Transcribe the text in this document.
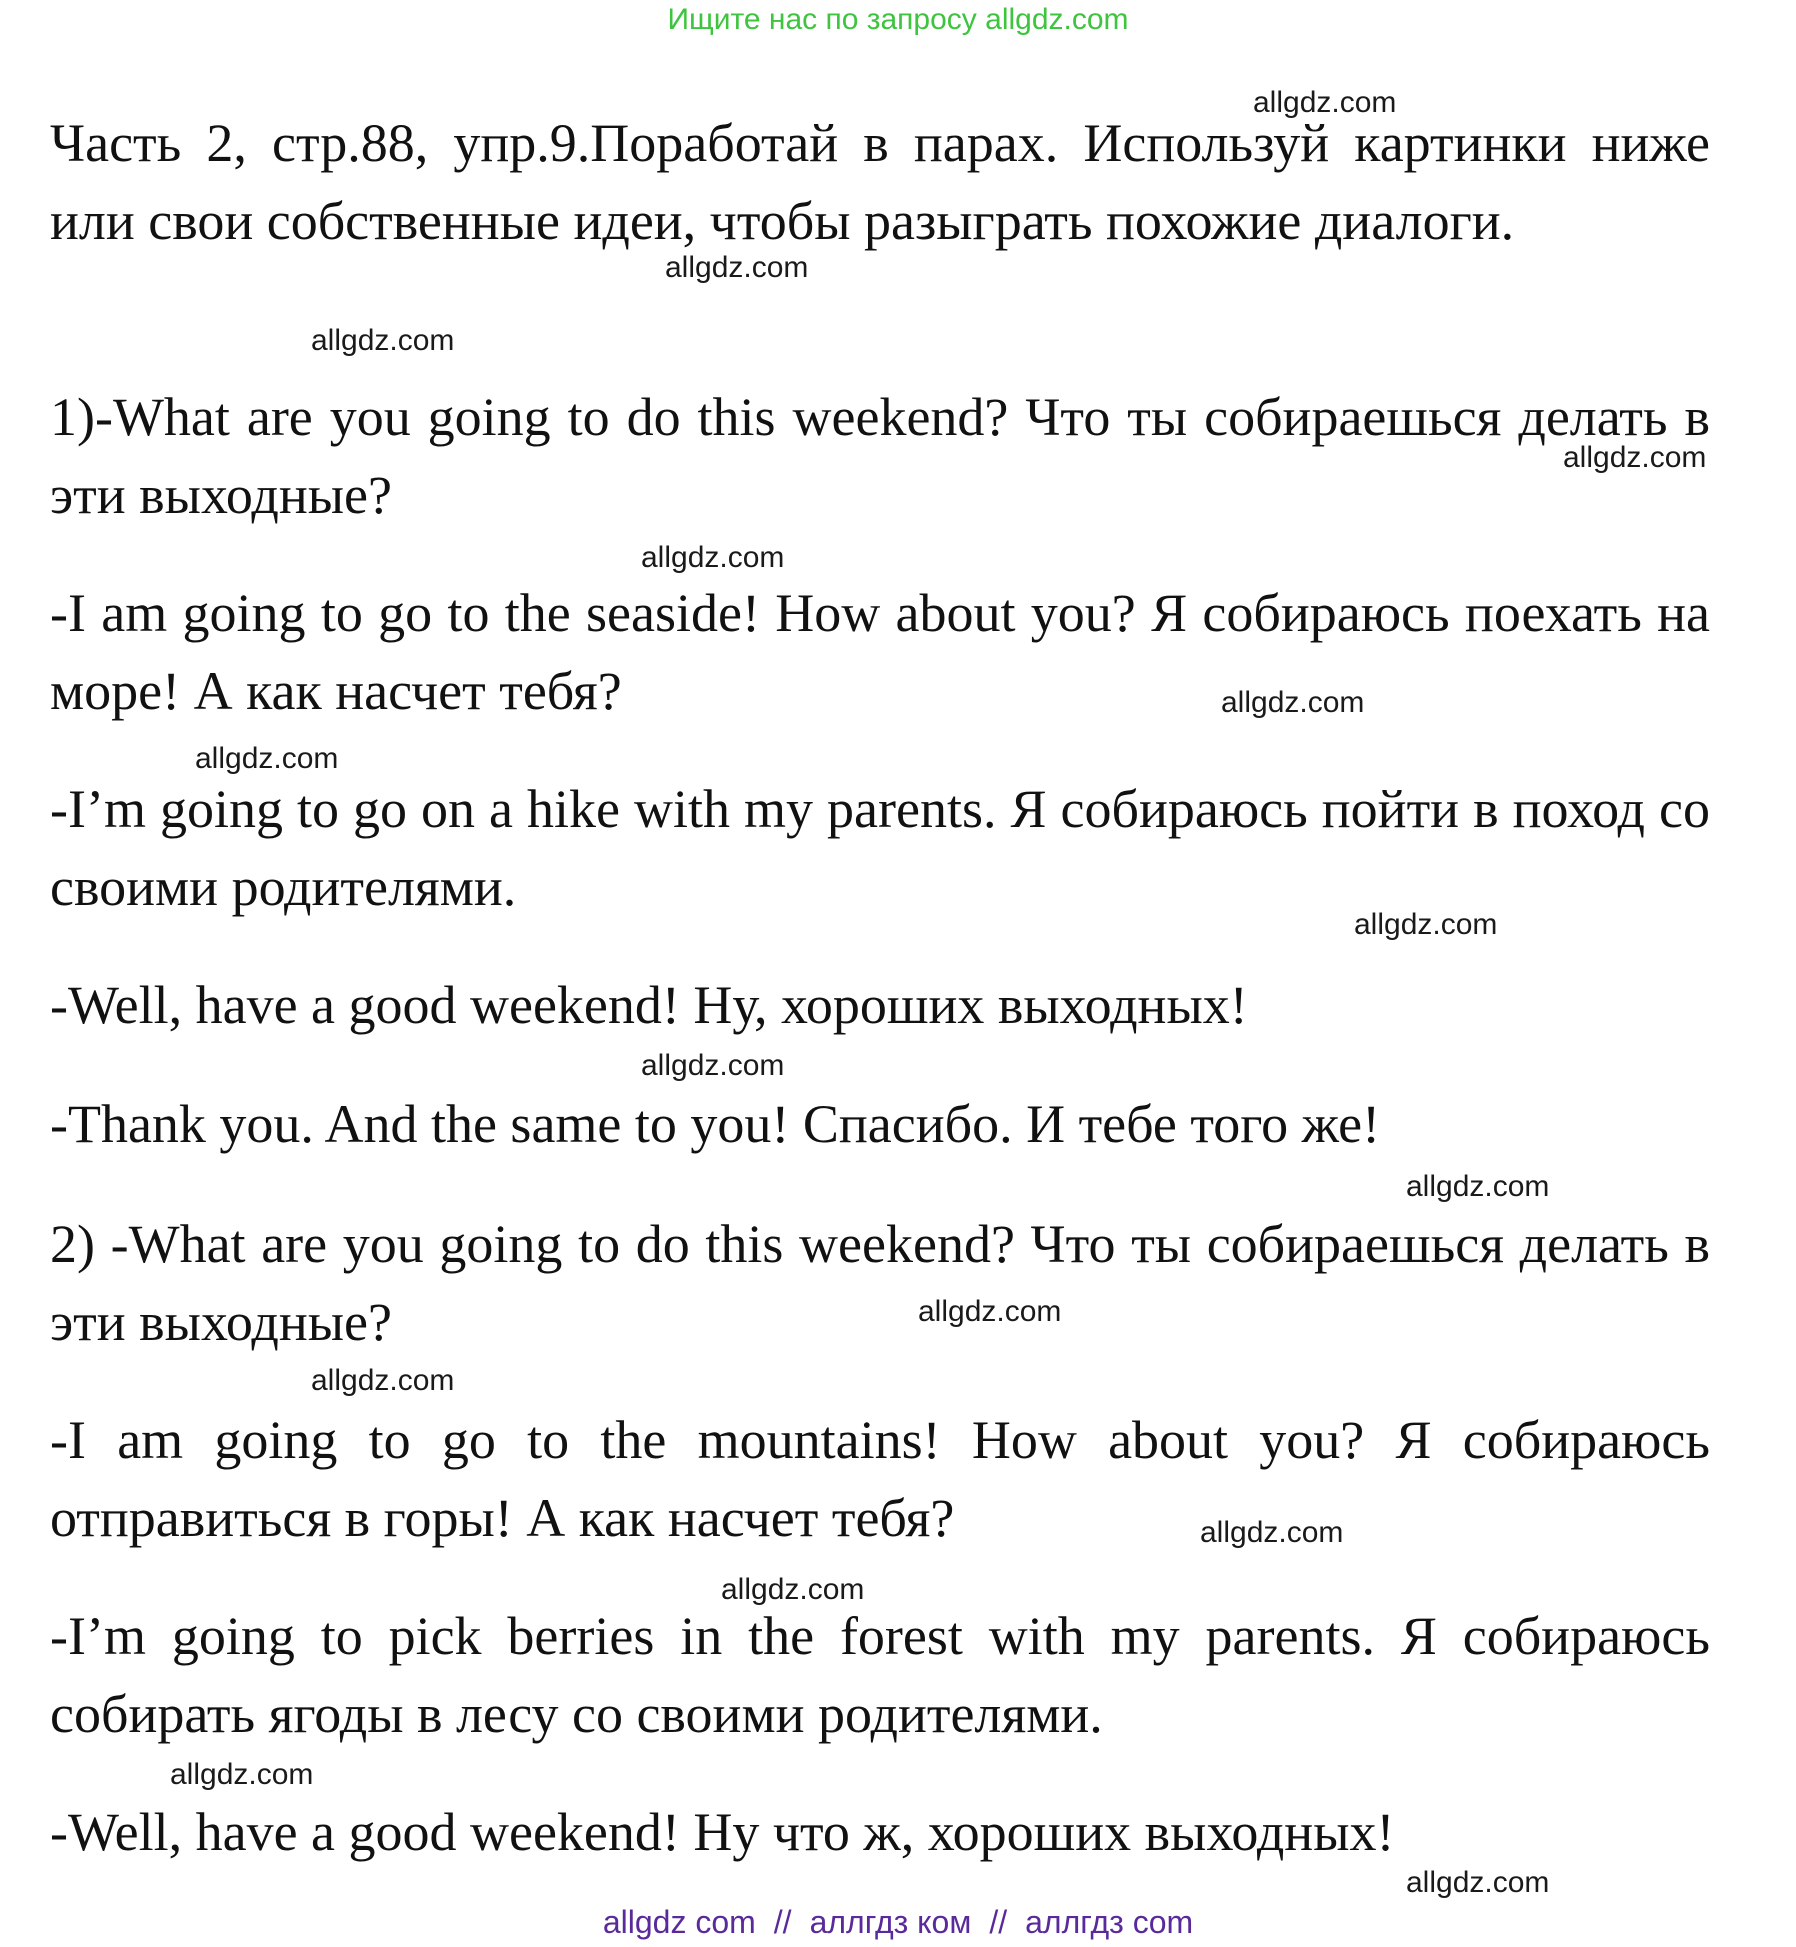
Ищите нас по запросу allgdz.com

Часть 2, стр.88, упр.9.Поработай в парах. Используй картинки ниже или свои собственные идеи, чтобы разыграть похожие диалоги.

1)-What are you going to do this weekend? Что ты собираешься делать в эти выходные?

-I am going to go to the seaside! How about you? Я собираюсь поехать на море! А как насчет тебя?

-I’m going to go on a hike with my parents. Я собираюсь пойти в поход со своими родителями.

-Well, have a good weekend! Ну, хороших выходных!

-Thank you. And the same to you! Спасибо. И тебе того же!

2) -What are you going to do this weekend? Что ты собираешься делать в эти выходные?

-I am going to go to the mountains! How about you? Я собираюсь отправиться в горы! А как насчет тебя?

-I’m going to pick berries in the forest with my parents. Я собираюсь собирать ягоды в лесу со своими родителями.

-Well, have a good weekend! Ну что ж, хороших выходных!

allgdz.com
allgdz.com
allgdz.com
allgdz.com
allgdz.com
allgdz.com
allgdz.com
allgdz.com
allgdz.com
allgdz.com
allgdz.com
allgdz.com
allgdz.com
allgdz.com
allgdz.com
allgdz.com
allgdz com // аллгдз ком // аллгдз com
